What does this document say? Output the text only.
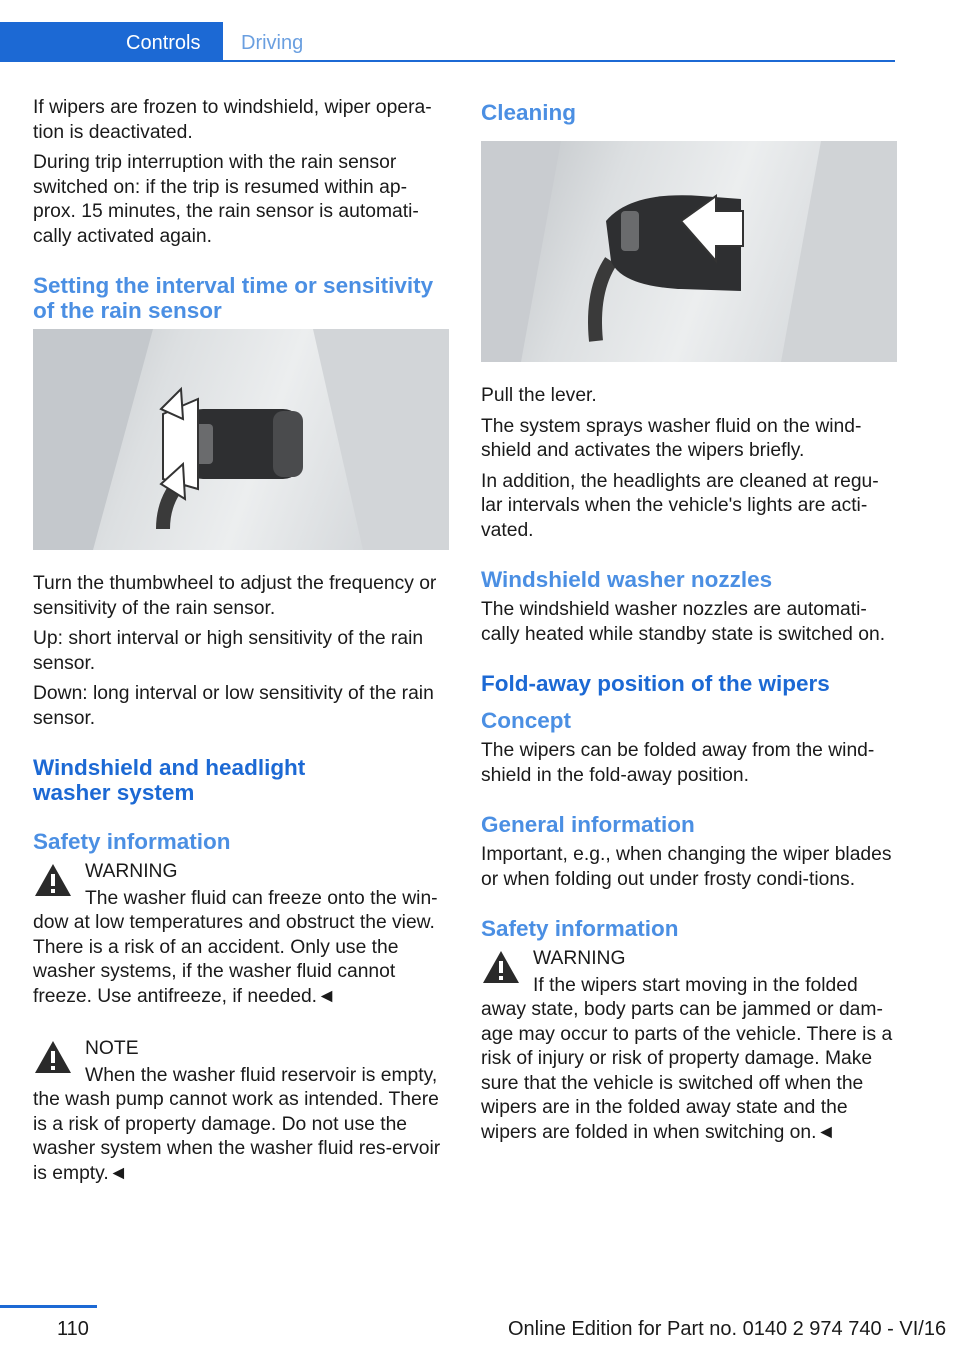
Controls Driving

If wipers are frozen to windshield, wiper opera-tion is deactivated.

During trip interruption with the rain sensor switched on: if the trip is resumed within ap-prox. 15 minutes, the rain sensor is automati-cally activated again.

Setting the interval time or sensitivity of the rain sensor

Turn the thumbwheel to adjust the frequency or sensitivity of the rain sensor.

Up: short interval or high sensitivity of the rain sensor.

Down: long interval or low sensitivity of the rain sensor.

Windshield and headlight washer system
Safety information

WARNING

The washer fluid can freeze onto the win-dow at low temperatures and obstruct the view. There is a risk of an accident. Only use the washer systems, if the washer fluid cannot freeze. Use antifreeze, if needed.◄

NOTE

When the washer fluid reservoir is empty, the wash pump cannot work as intended. There is a risk of property damage. Do not use the washer system when the washer fluid res-ervoir is empty.◄

Cleaning

Pull the lever.

The system sprays washer fluid on the wind-shield and activates the wipers briefly.

In addition, the headlights are cleaned at regu-lar intervals when the vehicle's lights are acti-vated.

Windshield washer nozzles

The windshield washer nozzles are automati-cally heated while standby state is switched on.

Fold-away position of the wipers
Concept

The wipers can be folded away from the wind-shield in the fold-away position.

General information

Important, e.g., when changing the wiper blades or when folding out under frosty condi-tions.

Safety information

WARNING

If the wipers start moving in the folded away state, body parts can be jammed or dam-age may occur to parts of the vehicle. There is a risk of injury or risk of property damage. Make sure that the vehicle is switched off when the wipers are in the folded away state and the wipers are folded in when switching on.◄

110	Online Edition for Part no. 0140 2 974 740 - VI/16
